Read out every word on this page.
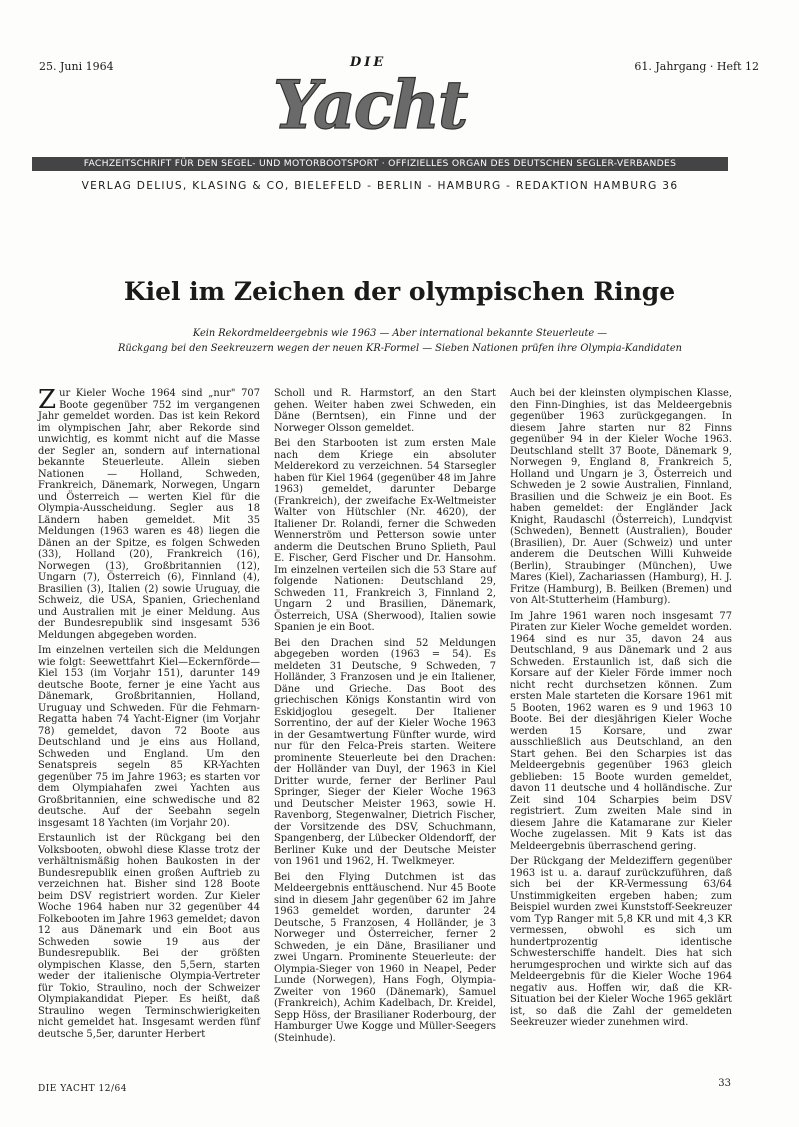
25. Juni 1964	61. Jahrgang · Heft 12
DIE
Yacht
FACHZEITSCHRIFT FÜR DEN SEGEL- UND MOTORBOOTSPORT · OFFIZIELLES ORGAN DES DEUTSCHEN SEGLER-VERBANDES
VERLAG DELIUS, KLASING & CO, BIELEFELD - BERLIN - HAMBURG - REDAKTION HAMBURG 36
Kiel im Zeichen der olympischen Ringe
Kein Rekordmeldeergebnis wie 1963 — Aber international bekannte Steuerleute —
Rückgang bei den Seekreuzern wegen der neuen KR-Formel — Sieben Nationen prüfen ihre Olympia-Kandidaten

Zur Kieler Woche 1964 sind „nur" 707 Boote gegenüber 752 im vergangenen Jahr gemeldet worden. Das ist kein Rekord im olympischen Jahr, aber Rekorde sind unwichtig, es kommt nicht auf die Masse der Segler an, sondern auf international bekannte Steuerleute. Allein sieben Nationen — Holland, Schweden, Frankreich, Dänemark, Norwegen, Ungarn und Österreich — werten Kiel für die Olympia-Ausscheidung. Segler aus 18 Ländern haben gemeldet. Mit 35 Meldungen (1963 waren es 48) liegen die Dänen an der Spitze, es folgen Schweden (33), Holland (20), Frankreich (16), Norwegen (13), Großbritannien (12), Ungarn (7), Österreich (6), Finnland (4), Brasilien (3), Italien (2) sowie Uruguay, die Schweiz, die USA, Spanien, Griechenland und Australien mit je einer Meldung. Aus der Bundesrepublik sind insgesamt 536 Meldungen abgegeben worden.

Im einzelnen verteilen sich die Meldungen wie folgt: Seewettfahrt Kiel—Eckernförde—Kiel 153 (im Vorjahr 151), darunter 149 deutsche Boote, ferner je eine Yacht aus Dänemark, Großbritannien, Holland, Uruguay und Schweden. Für die Fehmarn-Regatta haben 74 Yacht-Eigner (im Vorjahr 78) gemeldet, davon 72 Boote aus Deutschland und je eins aus Holland, Schweden und England. Um den Senatspreis segeln 85 KR-Yachten gegenüber 75 im Jahre 1963; es starten vor dem Olympiahafen zwei Yachten aus Großbritannien, eine schwedische und 82 deutsche. Auf der Seebahn segeln insgesamt 18 Yachten (im Vorjahr 20).

Erstaunlich ist der Rückgang bei den Volksbooten, obwohl diese Klasse trotz der verhältnismäßig hohen Baukosten in der Bundesrepublik einen großen Auftrieb zu verzeichnen hat. Bisher sind 128 Boote beim DSV registriert worden. Zur Kieler Woche 1964 haben nur 32 gegenüber 44 Folkebooten im Jahre 1963 gemeldet; davon 12 aus Dänemark und ein Boot aus Schweden sowie 19 aus der Bundesrepublik. Bei der größten olympischen Klasse, den 5,5ern, starten weder der italienische Olympia-Vertreter für Tokio, Straulino, noch der Schweizer Olympiakandidat Pieper. Es heißt, daß Straulino wegen Terminschwierigkeiten nicht gemeldet hat. Insgesamt werden fünf deutsche 5,5er, darunter Herbert

Scholl und R. Harmstorf, an den Start gehen. Weiter haben zwei Schweden, ein Däne (Berntsen), ein Finne und der Norweger Olsson gemeldet.

Bei den Starbooten ist zum ersten Male nach dem Kriege ein absoluter Melderekord zu verzeichnen. 54 Starsegler haben für Kiel 1964 (gegenüber 48 im Jahre 1963) gemeldet, darunter Debarge (Frankreich), der zweifache Ex-Weltmeister Walter von Hütschler (Nr. 4620), der Italiener Dr. Rolandi, ferner die Schweden Wennerström und Petterson sowie unter anderm die Deutschen Bruno Splieth, Paul E. Fischer, Gerd Fischer und Dr. Hansohm. Im einzelnen verteilen sich die 53 Stare auf folgende Nationen: Deutschland 29, Schweden 11, Frankreich 3, Finnland 2, Ungarn 2 und Brasilien, Dänemark, Österreich, USA (Sherwood), Italien sowie Spanien je ein Boot.

Bei den Drachen sind 52 Meldungen abgegeben worden (1963 = 54). Es meldeten 31 Deutsche, 9 Schweden, 7 Holländer, 3 Franzosen und je ein Italiener, Däne und Grieche. Das Boot des griechischen Königs Konstantin wird von Eskidjoglou gesegelt. Der Italiener Sorrentino, der auf der Kieler Woche 1963 in der Gesamtwertung Fünfter wurde, wird nur für den Felca-Preis starten. Weitere prominente Steuerleute bei den Drachen: der Holländer van Duyl, der 1963 in Kiel Dritter wurde, ferner der Berliner Paul Springer, Sieger der Kieler Woche 1963 und Deutscher Meister 1963, sowie H. Ravenborg, Stegenwalner, Dietrich Fischer, der Vorsitzende des DSV, Schuchmann, Spangenberg, der Lübecker Oldendorff, der Berliner Kuke und der Deutsche Meister von 1961 und 1962, H. Twelkmeyer.

Bei den Flying Dutchmen ist das Meldeergebnis enttäuschend. Nur 45 Boote sind in diesem Jahr gegenüber 62 im Jahre 1963 gemeldet worden, darunter 24 Deutsche, 5 Franzosen, 4 Holländer, je 3 Norweger und Österreicher, ferner 2 Schweden, je ein Däne, Brasilianer und zwei Ungarn. Prominente Steuerleute: der Olympia-Sieger von 1960 in Neapel, Peder Lunde (Norwegen), Hans Fogh, Olympia-Zweiter von 1960 (Dänemark), Samuel (Frankreich), Achim Kadelbach, Dr. Kreidel, Sepp Höss, der Brasilianer Roderbourg, der Hamburger Uwe Kogge und Müller-Seegers (Steinhude).

Auch bei der kleinsten olympischen Klasse, den Finn-Dinghies, ist das Meldeergebnis gegenüber 1963 zurückgegangen. In diesem Jahre starten nur 82 Finns gegenüber 94 in der Kieler Woche 1963. Deutschland stellt 37 Boote, Dänemark 9, Norwegen 9, England 8, Frankreich 5, Holland und Ungarn je 3, Österreich und Schweden je 2 sowie Australien, Finnland, Brasilien und die Schweiz je ein Boot. Es haben gemeldet: der Engländer Jack Knight, Raudaschl (Österreich), Lundqvist (Schweden), Bennett (Australien), Bouder (Brasilien), Dr. Auer (Schweiz) und unter anderem die Deutschen Willi Kuhweide (Berlin), Straubinger (München), Uwe Mares (Kiel), Zachariassen (Hamburg), H. J. Fritze (Hamburg), B. Beilken (Bremen) und von Alt-Stutterheim (Hamburg).

Im Jahre 1961 waren noch insgesamt 77 Piraten zur Kieler Woche gemeldet worden. 1964 sind es nur 35, davon 24 aus Deutschland, 9 aus Dänemark und 2 aus Schweden. Erstaunlich ist, daß sich die Korsare auf der Kieler Förde immer noch nicht recht durchsetzen können. Zum ersten Male starteten die Korsare 1961 mit 5 Booten, 1962 waren es 9 und 1963 10 Boote. Bei der diesjährigen Kieler Woche werden 15 Korsare, und zwar ausschließlich aus Deutschland, an den Start gehen. Bei den Scharpies ist das Meldeergebnis gegenüber 1963 gleich geblieben: 15 Boote wurden gemeldet, davon 11 deutsche und 4 holländische. Zur Zeit sind 104 Scharpies beim DSV registriert. Zum zweiten Male sind in diesem Jahre die Katamarane zur Kieler Woche zugelassen. Mit 9 Kats ist das Meldeergebnis überraschend gering.

Der Rückgang der Meldeziffern gegenüber 1963 ist u. a. darauf zurückzuführen, daß sich bei der KR-Vermessung 63/64 Unstimmigkeiten ergeben haben; zum Beispiel wurden zwei Kunststoff-Seekreuzer vom Typ Ranger mit 5,8 KR und mit 4,3 KR vermessen, obwohl es sich um hundertprozentig identische Schwesterschiffe handelt. Dies hat sich herumgesprochen und wirkte sich auf das Meldeergebnis für die Kieler Woche 1964 negativ aus. Hoffen wir, daß die KR-Situation bei der Kieler Woche 1965 geklärt ist, so daß die Zahl der gemeldeten Seekreuzer wieder zunehmen wird.

DIE YACHT 12/64	33
